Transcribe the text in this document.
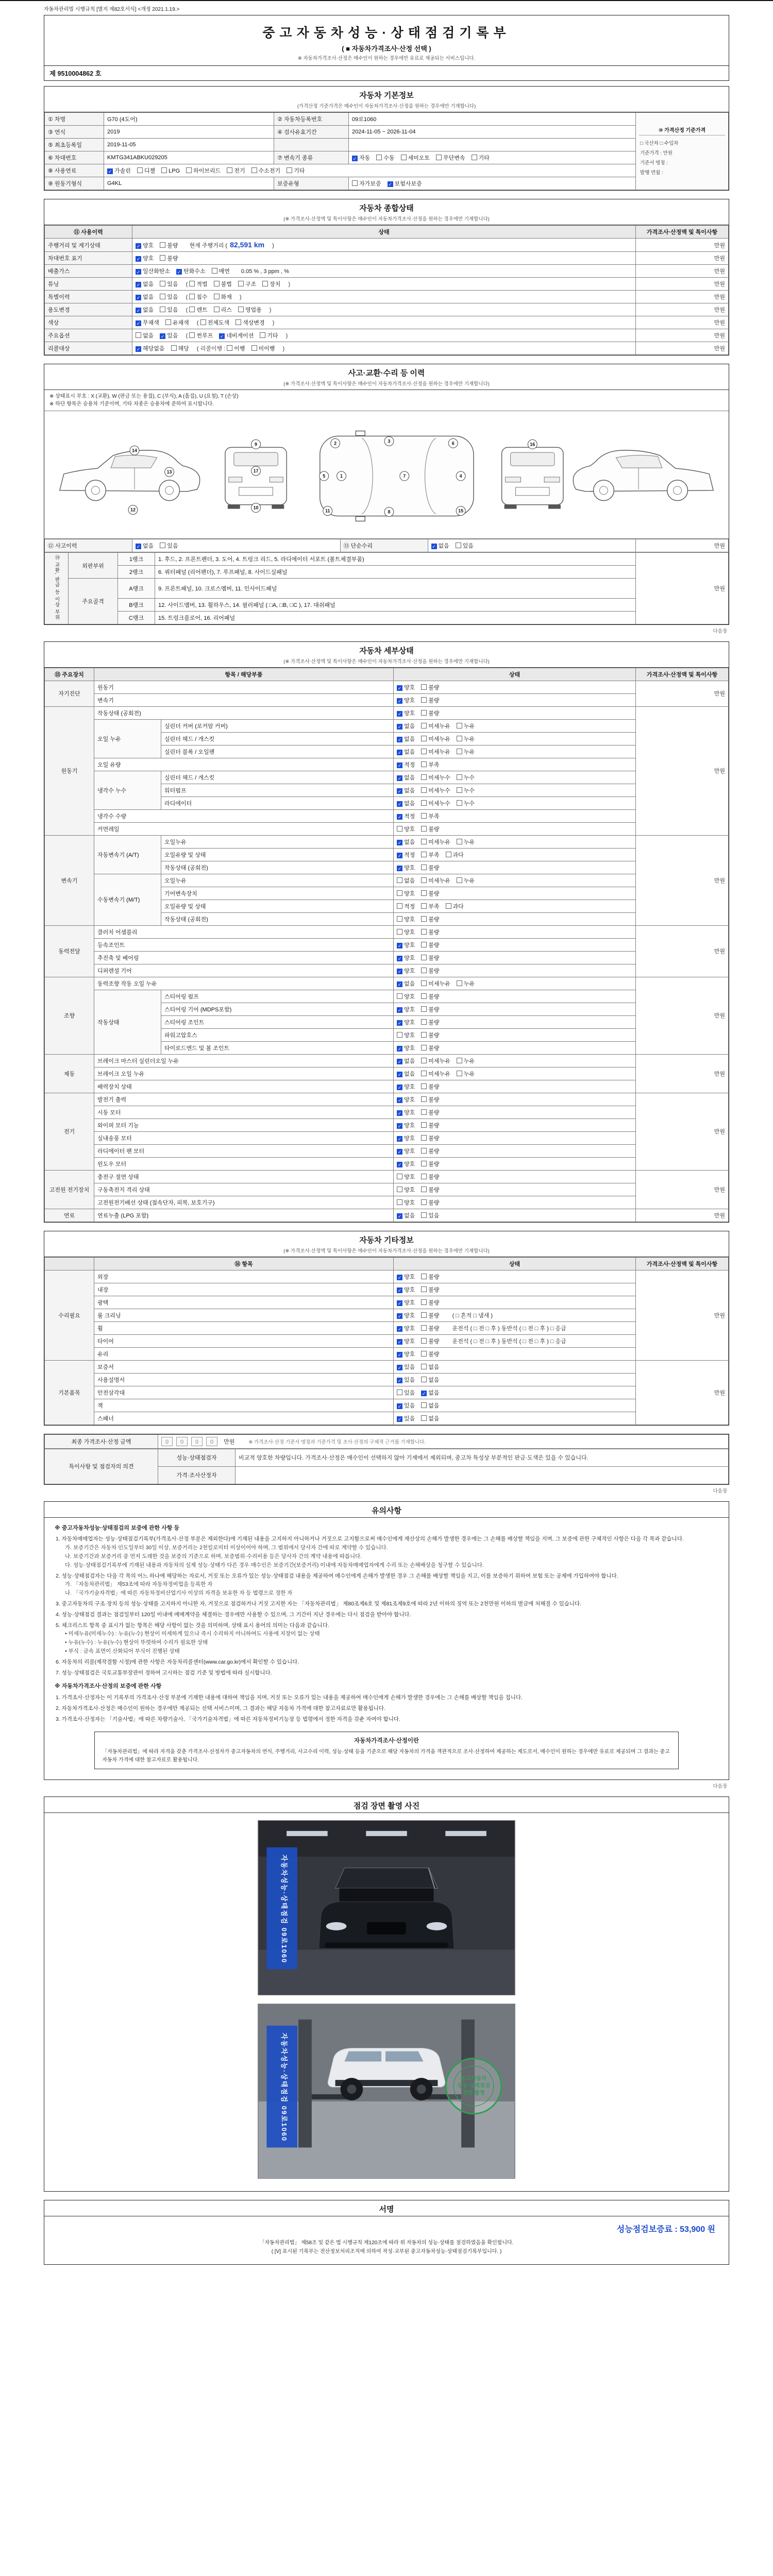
자동차관리법 시행규칙 [별지 제82호서식] <개정 2021.1.19.>
중고자동차성능·상태점검기록부
( ■ 자동차가격조사·산정 선택 )
※ 자동차가격조사·산정은 매수인이 원하는 경우에만 유료로 제공되는 서비스입니다.
제 9510004862 호
자동차 기본정보
(가격산정 기준가격은 매수인이 자동차가격조사·산정을 원하는 경우에만 기재합니다)
① 차명	G70 (4도어)	② 자동차등록번호	09로1060	⑩ 가격산정 기준가격
□ 국산차 □ 수입차
기준가격 : 만원
기준서 명칭 :
발행 연월 :

③ 연식	2019	④ 검사유효기간	2024-11-05 ~ 2026-11-04	
⑤ 최초등록일	2019-11-05			
⑥ 차대번호	KMTG341ABKU029205	⑦ 변속기 종류	✓ 자동 수동 세미오토 무단변속 기타	
⑧ 사용연료	✓ 가솔린 디젤 LPG 하이브리드 전기 수소전기 기타			
⑨ 원동기형식	G4KL	보증유형	자가보증 ✓ 보험사보증	
자동차 종합상태
(※ 가격조사·산정액 및 특이사항은 매수인이 자동차가격조사·산정을 원하는 경우에만 기재합니다)
⑪ 사용이력	상태	가격조사·산정액 및 특이사항
주행거리 및 계기상태	✓ 양호 불량 현재 주행거리 ( 82,591 km )	만원
차대번호 표기	✓ 양호 불량	만원
배출가스	✓ 일산화탄소 ✓ 탄화수소 매연 0.05 % , 3 ppm , %	만원
튜닝	✓ 없음 있음 ( 적법 불법 구조 장치 )	만원
특별이력	✓ 없음 있음 ( 침수 화재 )	만원
용도변경	✓ 없음 있음 ( 렌트 리스 영업용 )	만원
색상	✓ 무채색 유채색 ( 전체도색 색상변경 )	만원
주요옵션	없음 ✓ 있음 ( 썬루프 ✓ 네비게이션 기타 )	만원
리콜대상	✓ 해당없음 해당 ( 리콜이행 : 이행 미이행 )	만원
사고·교환·수리 등 이력
(※ 가격조사·산정액 및 특이사항은 매수인이 자동차가격조사·산정을 원하는 경우에만 기재합니다)
※ 상태표시 부호 : X (교환), W (판금 또는 용접), C (부식), A (흠집), U (요철), T (손상)
※ 하단 항목은 승용차 기준이며, 기타 차종은 승용차에 준하여 표시합니다.
1
2	3
4
5
6
7
8
9
10
11
12
13
14
15
16
17
⑫ 사고이력	✓ 없음 있음	⑬ 단순수리	✓ 없음 있음	만원
⑭ 교환, 판금 등 이상 부위	외판부위	1랭크	1. 후드, 2. 프론트펜더, 3. 도어, 4. 트렁크 리드, 5. 라디에이터 서포트 (볼트체결부품)	만원
		2랭크	6. 쿼터패널 (리어펜더), 7. 루프패널, 8. 사이드실패널	
	주요골격	A랭크	9. 프론트패널, 10. 크로스멤버, 11. 인사이드패널	
		B랭크	12. 사이드멤버, 13. 휠하우스, 14. 필러패널 ( □A, □B, □C ), 17. 대쉬패널	
		C랭크	15. 트렁크플로어, 16. 리어패널	
다음장
자동차 세부상태
(※ 가격조사·산정액 및 특이사항은 매수인이 자동차가격조사·산정을 원하는 경우에만 기재합니다)
⑮ 주요장치	항목 / 해당부품		상태	가격조사·산정액 및 특이사항
자기진단	원동기		✓ 양호 불량	만원
	변속기		✓ 양호 불량	
원동기	작동상태 (공회전)		✓ 양호 불량	만원
	오일 누유	실린더 커버 (로커암 커버)	✓ 없음 미세누유 누유	
		실린더 헤드 / 개스킷	✓ 없음 미세누유 누유	
		실린더 블록 / 오일팬	✓ 없음 미세누유 누유	
	오일 유량		✓ 적정 부족	
	냉각수 누수	실린더 헤드 / 개스킷	✓ 없음 미세누수 누수	
		워터펌프	✓ 없음 미세누수 누수	
		라디에이터	✓ 없음 미세누수 누수	
	냉각수 수량		✓ 적정 부족	
	커먼레일		양호 불량	
변속기	자동변속기 (A/T)	오일누유	✓ 없음 미세누유 누유	만원
		오일유량 및 상태	✓ 적정 부족 과다	
		작동상태 (공회전)	✓ 양호 불량	
	수동변속기 (M/T)	오일누유	없음 미세누유 누유	
		기어변속장치	양호 불량	
		오일유량 및 상태	적정 부족 과다	
		작동상태 (공회전)	양호 불량	
동력전달	클러치 어셈블리		양호 불량	만원
	등속조인트		✓ 양호 불량	
	추진축 및 베어링		✓ 양호 불량	
	디퍼렌셜 기어		✓ 양호 불량	
조향	동력조향 작동 오일 누유		✓ 없음 미세누유 누유	만원
	작동상태	스티어링 펌프	양호 불량	
		스티어링 기어 (MDPS포함)	✓ 양호 불량	
		스티어링 조인트	✓ 양호 불량	
		파워고압호스	양호 불량	
		타이로드엔드 및 볼 조인트	✓ 양호 불량	
제동	브레이크 마스터 실린더오일 누유		✓ 없음 미세누유 누유	만원
	브레이크 오일 누유		✓ 없음 미세누유 누유	
	배력장치 상태		✓ 양호 불량	
전기	발전기 출력		✓ 양호 불량	만원
	시동 모터		✓ 양호 불량	
	와이퍼 모터 기능		✓ 양호 불량	
	실내송풍 모터		✓ 양호 불량	
	라디에이터 팬 모터		✓ 양호 불량	
	윈도우 모터		✓ 양호 불량	
고전원 전기장치	충전구 절연 상태		양호 불량	만원
	구동축전지 격리 상태		양호 불량	
	고전원전기배선 상태 (접속단자, 피복, 보호기구)		양호 불량	
연료	연료누출 (LPG 포함)		✓ 없음 있음	만원
자동차 기타정보
(※ 가격조사·산정액 및 특이사항은 매수인이 자동차가격조사·산정을 원하는 경우에만 기재합니다)
	⑯ 항목	상태	가격조사·산정액 및 특이사항
수리필요	외장	✓ 양호 불량	만원
	내장	✓ 양호 불량	
	광택	✓ 양호 불량	
	룸 크리닝	✓ 양호 불량 ( □ 흔적 □ 냄새 )	
	휠	✓ 양호 불량 운전석 ( □ 전 □ 후 ) 동반석 ( □ 전 □ 후 ) □ 응급	
	타이어	✓ 양호 불량 운전석 ( □ 전 □ 후 ) 동반석 ( □ 전 □ 후 ) □ 응급	
	유리	✓ 양호 불량	
기본품목	보증서	✓ 있음 없음	만원
	사용설명서	✓ 있음 없음	
	안전삼각대	있음 ✓ 없음	
	잭	✓ 있음 없음	
	스패너	✓ 있음 없음	
최종 가격조사·산정 금액	0 0 0 0 만원	※ 가격조사·산정 기준서 명칭과 기준가격 및 조사·산정의 구체적 근거를 기재합니다.
특이사항 및 점검자의 의견	성능·상태점검자	비교적 양호한 차량입니다. 가격조사·산정은 매수인이 선택하지 않아 기재에서 제외되며, 중고차 특성상 부분적인 판금·도색은 있을 수 있습니다.
	가격·조사산정자	
다음장
유의사항
※ 중고자동차성능·상태점검의 보증에 관한 사항 등
1. 자동차매매업자는 성능·상태점검기록부(가격조사·산정 부분은 제외한다)에 기재된 내용을 고지하지 아니하거나 거짓으로 고지함으로써 매수인에게 재산상의 손해가 발생한 경우에는 그 손해를 배상할 책임을 지며, 그 보증에 관한 구체적인 사항은 다음 각 목과 같습니다.
가. 보증기간은 자동차 인도일부터 30일 이상, 보증거리는 2천킬로미터 이상이어야 하며, 그 범위에서 당사자 간에 따로 계약할 수 있습니다.
나. 보증기간과 보증거리 중 먼저 도래한 것을 보증의 기준으로 하며, 보증범위·수리비용 등은 당사자 간의 계약 내용에 따릅니다.
다. 성능·상태점검기록부에 기재된 내용과 자동차의 실제 성능·상태가 다른 경우 매수인은 보증기간(보증거리) 이내에 자동차매매업자에게 수리 또는 손해배상을 청구할 수 있습니다.
2. 성능·상태점검자는 다음 각 목의 어느 하나에 해당하는 자로서, 거짓 또는 오류가 있는 성능·상태점검 내용을 제공하여 매수인에게 손해가 발생한 경우 그 손해를 배상할 책임을 지고, 이를 보증하기 위하여 보험 또는 공제에 가입하여야 합니다.
가. 「자동차관리법」 제53조에 따라 자동차정비업을 등록한 자
나. 「국가기술자격법」에 따른 자동차정비산업기사 이상의 자격을 보유한 자 등 법령으로 정한 자
3. 중고자동차의 구조·장치 등의 성능·상태를 고지하지 아니한 자, 거짓으로 점검하거나 거짓 고지한 자는 「자동차관리법」 제80조제6호 및 제81조제9호에 따라 2년 이하의 징역 또는 2천만원 이하의 벌금에 처해질 수 있습니다.
4. 성능·상태점검 결과는 점검일부터 120일 이내에 매매계약을 체결하는 경우에만 사용할 수 있으며, 그 기간이 지난 경우에는 다시 점검을 받아야 합니다.
5. 체크리스트 항목 중 표시가 없는 항목은 해당 사항이 없는 것을 의미하며, 상태 표시 용어의 의미는 다음과 같습니다.
• 미세누유(미세누수) : 누유(누수) 현상이 미세하게 있으나 즉시 수리하지 아니하여도 사용에 지장이 없는 상태
• 누유(누수) : 누유(누수) 현상이 뚜렷하여 수리가 필요한 상태
• 부식 : 금속 표면이 산화되어 부식이 진행된 상태
6. 자동차의 리콜(제작결함 시정)에 관한 사항은 자동차리콜센터(www.car.go.kr)에서 확인할 수 있습니다.
7. 성능·상태점검은 국토교통부장관이 정하여 고시하는 점검 기준 및 방법에 따라 실시합니다.
※ 자동차가격조사·산정의 보증에 관한 사항
1. 가격조사·산정자는 이 기록부의 가격조사·산정 부분에 기재한 내용에 대하여 책임을 지며, 거짓 또는 오류가 있는 내용을 제공하여 매수인에게 손해가 발생한 경우에는 그 손해를 배상할 책임을 집니다.
2. 자동차가격조사·산정은 매수인이 원하는 경우에만 제공되는 선택 서비스이며, 그 결과는 해당 자동차 가격에 대한 참고자료로만 활용됩니다.
3. 가격조사·산정자는 「기술사법」에 따른 차량기술사, 「국가기술자격법」에 따른 자동차정비기능장 등 법령에서 정한 자격을 갖춘 자여야 합니다.
자동차가격조사·산정이란
「자동차관리법」에 따라 자격을 갖춘 가격조사·산정자가 중고자동차의 연식, 주행거리, 사고수리 이력, 성능·상태 등을 기준으로 해당 자동차의 가격을 객관적으로 조사·산정하여 제공하는 제도로서, 매수인이 원하는 경우에만 유료로 제공되며 그 결과는 중고자동차 가격에 대한 참고자료로 활용됩니다.
다음장
점검 장면 촬영 사진
자동차성능·상태점검 09로1060
중고자동차
성능·상태점검
장면 촬영
자동차성능·상태점검 09로1060
서명
성능점검보증료 : 53,900 원
「자동차관리법」 제58조 및 같은 법 시행규칙 제120조에 따라 위 자동차의 성능·상태를 점검하였음을 확인합니다.
( [V] 표시된 기록부는 전산정보처리조직에 의하여 작성·교부된 중고자동차성능·상태점검기록부입니다. )
